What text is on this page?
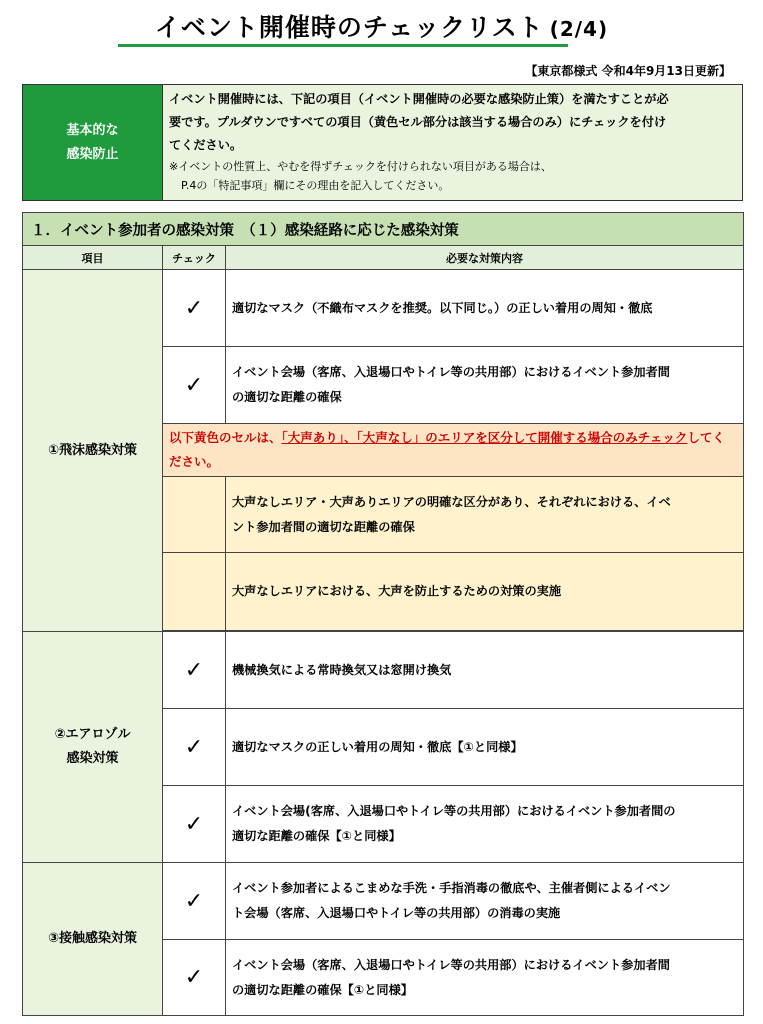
イベント開催時のチェックリスト (2/4)
【東京都様式 令和4年9月13日更新】
基本的な
感染防止
イベント開催時には、下記の項目（イベント開催時の必要な感染防止策）を満たすことが必
要です。プルダウンですべての項目（黄色セル部分は該当する場合のみ）にチェックを付け
てください。
※イベントの性質上、やむを得ずチェックを付けられない項目がある場合は、
P.4の「特記事項」欄にその理由を記入してください。
１．イベント参加者の感染対策　（１）感染経路に応じた感染対策		
項目	チェック	必要な対策内容
①飛沫感染対策	✓	適切なマスク（不織布マスクを推奨。以下同じ。）の正しい着用の周知・徹底

	✓	イベント会場（客席、入退場口やトイレ等の共用部）におけるイベント参加者間
の適切な距離の確保

	以下黄色のセルは、「大声あり」、「大声なし」のエリアを区分して開催する場合のみチェックしてください。	

		大声なしエリア・大声ありエリアの明確な区分があり、それぞれにおける、イベ
ント参加者間の適切な距離の確保

		大声なしエリアにおける、大声を防止するための対策の実施

②エアロゾル
感染対策	✓	機械換気による常時換気又は窓開け換気

	✓	適切なマスクの正しい着用の周知・徹底【①と同様】

	✓	イベント会場(客席、入退場口やトイレ等の共用部）におけるイベント参加者間の
適切な距離の確保【①と同様】

③接触感染対策	✓	イベント参加者によるこまめな手洗・手指消毒の徹底や、主催者側によるイベン
ト会場（客席、入退場口やトイレ等の共用部）の消毒の実施

	✓	イベント会場（客席、入退場口やトイレ等の共用部）におけるイベント参加者間
の適切な距離の確保【①と同様】
